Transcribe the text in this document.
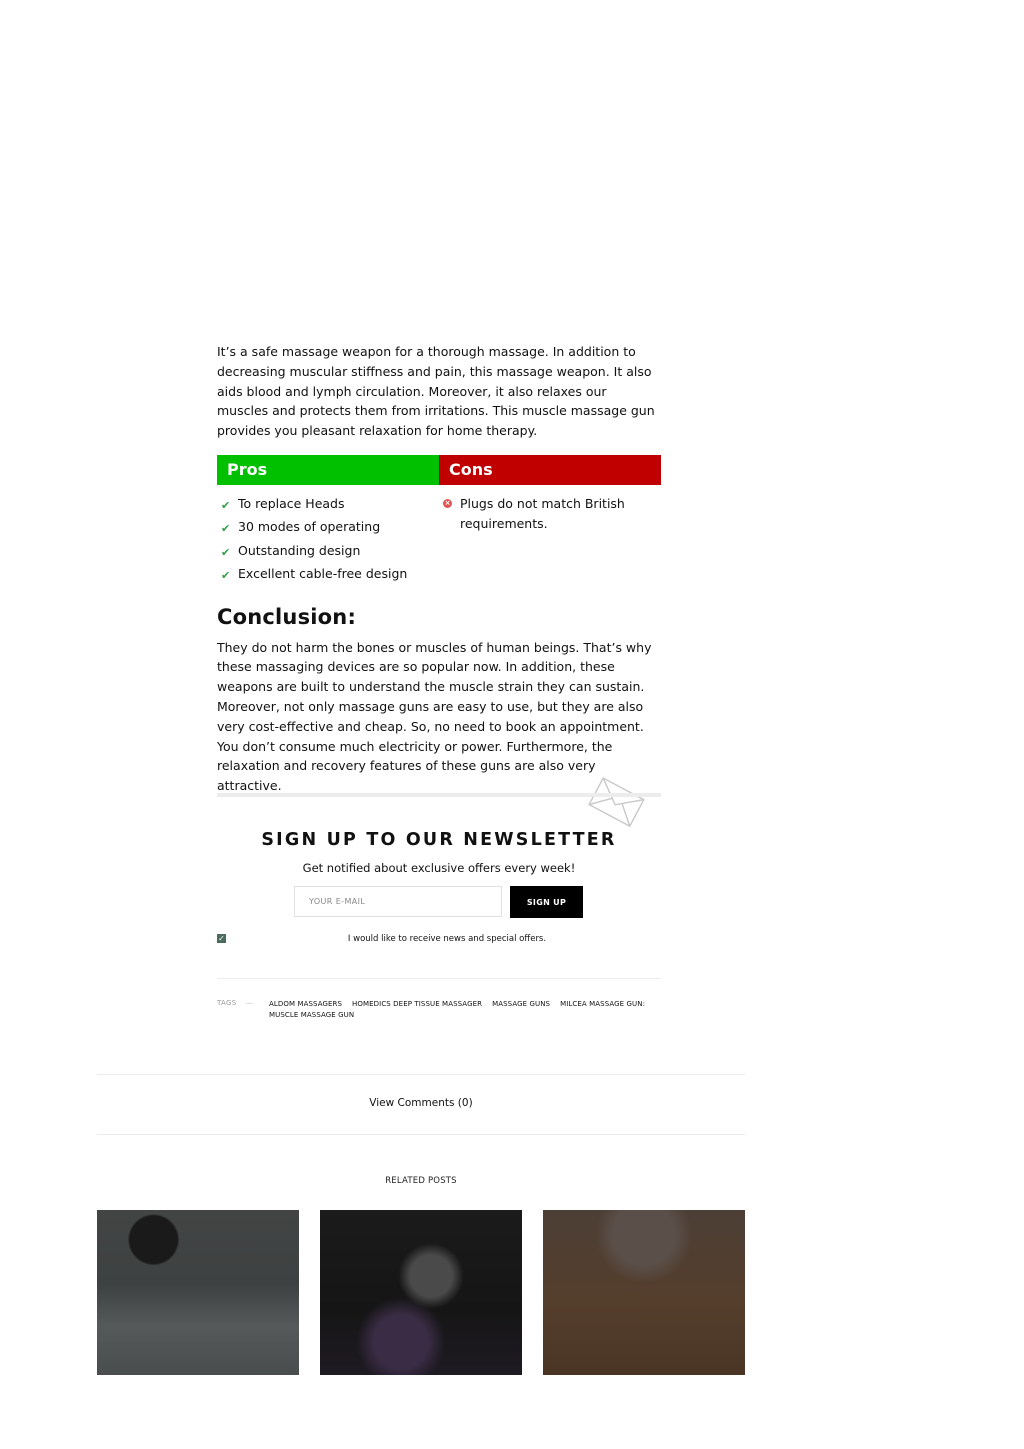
It’s a safe massage weapon for a thorough massage. In addition to decreasing muscular stiffness and pain, this massage weapon. It also aids blood and lymph circulation. Moreover, it also relaxes our muscles and protects them from irritations. This muscle massage gun provides you pleasant relaxation for home therapy.

Pros
✔ To replace Heads
✔ 30 modes of operating
✔ Outstanding design
✔ Excellent cable-free design
Cons
× Plugs do not match British requirements.
Conclusion:

They do not harm the bones or muscles of human beings. That’s why these massaging devices are so popular now. In addition, these weapons are built to understand the muscle strain they can sustain. Moreover, not only massage guns are easy to use, but they are also very cost-effective and cheap. So, no need to book an appointment. You don’t consume much electricity or power. Furthermore, the relaxation and recovery features of these guns are also very attractive.

SIGN UP TO OUR NEWSLETTER
Get notified about exclusive offers every week!
YOUR E-MAIL
SIGN UP
✓	I would like to receive news and special offers.
TAGS — ALDOM MASSAGERS HOMEDICS DEEP TISSUE MASSAGER MASSAGE GUNS MILCEA MASSAGE GUN:
MUSCLE MASSAGE GUN
View Comments (0)
RELATED POSTS
